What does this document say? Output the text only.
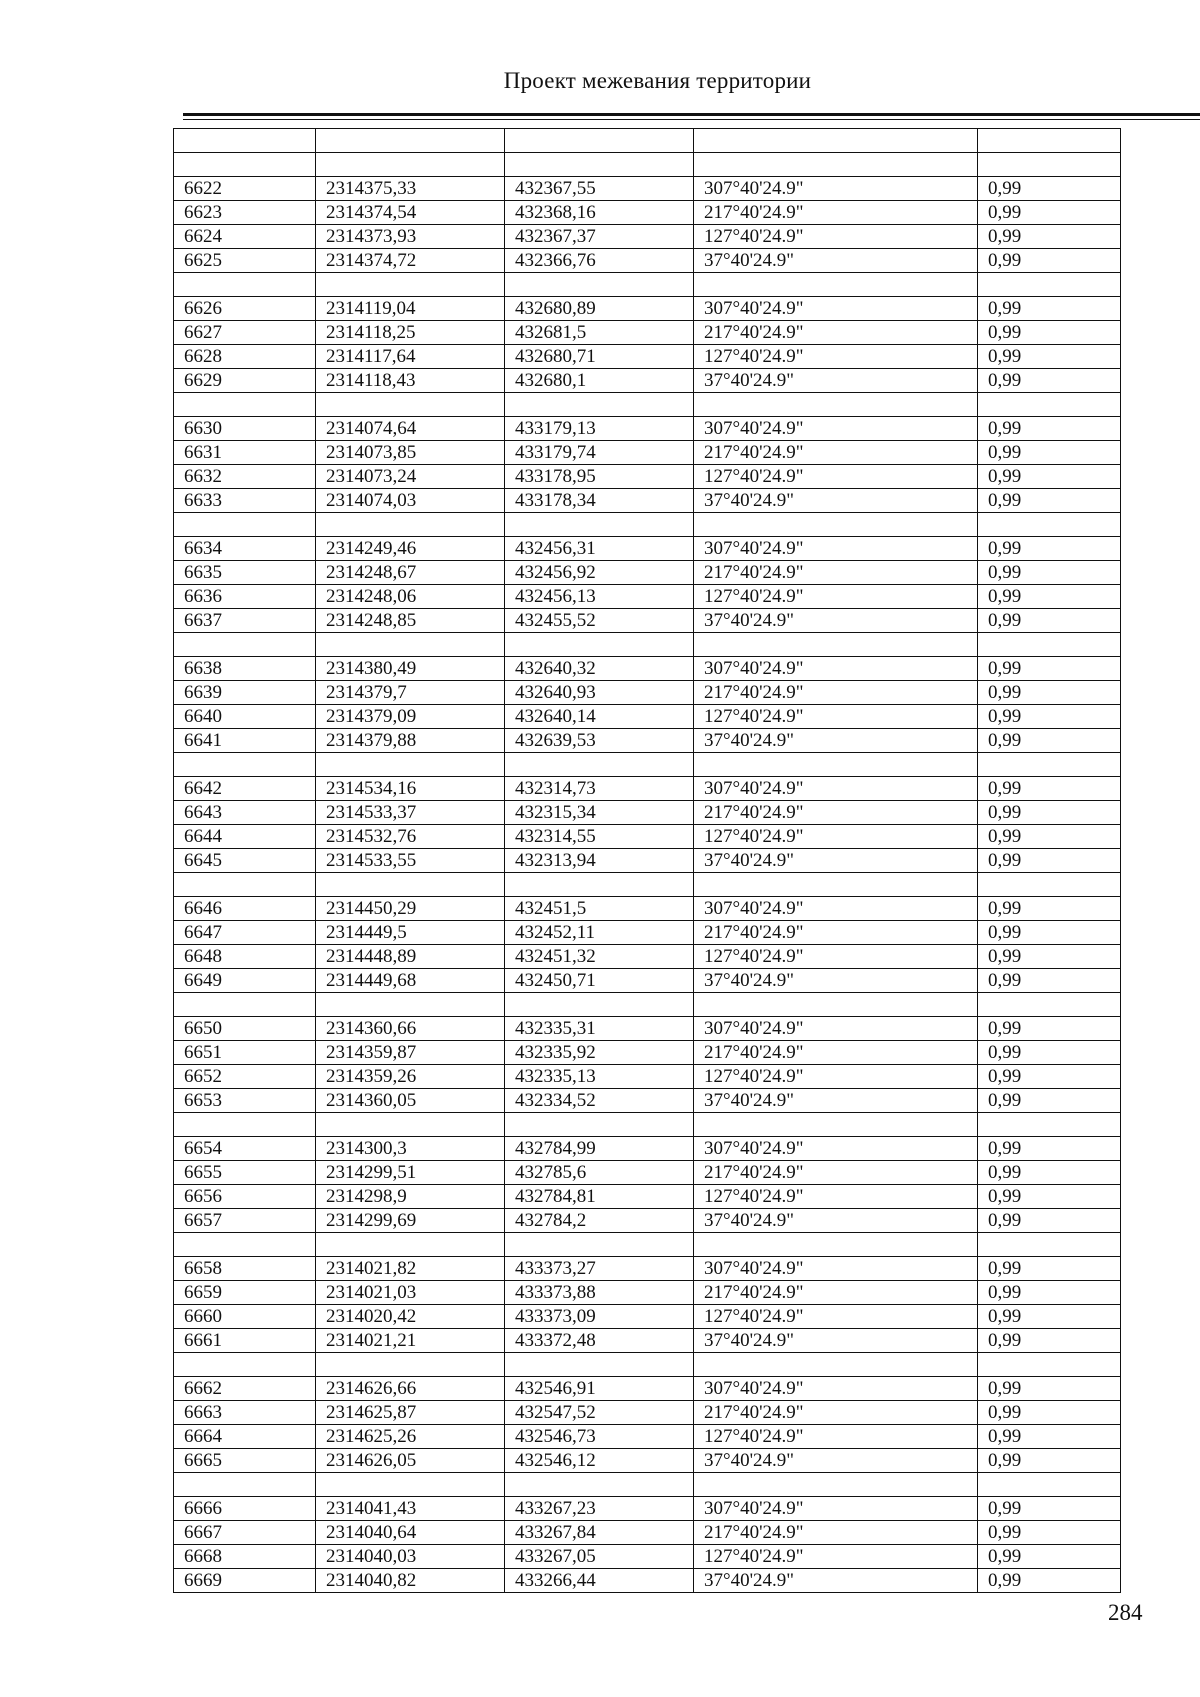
Проект межевания территории

6622	2314375,33	432367,55	307°40'24.9"	0,99
6623	2314374,54	432368,16	217°40'24.9"	0,99
6624	2314373,93	432367,37	127°40'24.9"	0,99
6625	2314374,72	432366,76	37°40'24.9"	0,99

6626	2314119,04	432680,89	307°40'24.9"	0,99
6627	2314118,25	432681,5	217°40'24.9"	0,99
6628	2314117,64	432680,71	127°40'24.9"	0,99
6629	2314118,43	432680,1	37°40'24.9"	0,99

6630	2314074,64	433179,13	307°40'24.9"	0,99
6631	2314073,85	433179,74	217°40'24.9"	0,99
6632	2314073,24	433178,95	127°40'24.9"	0,99
6633	2314074,03	433178,34	37°40'24.9"	0,99

6634	2314249,46	432456,31	307°40'24.9"	0,99
6635	2314248,67	432456,92	217°40'24.9"	0,99
6636	2314248,06	432456,13	127°40'24.9"	0,99
6637	2314248,85	432455,52	37°40'24.9"	0,99

6638	2314380,49	432640,32	307°40'24.9"	0,99
6639	2314379,7	432640,93	217°40'24.9"	0,99
6640	2314379,09	432640,14	127°40'24.9"	0,99
6641	2314379,88	432639,53	37°40'24.9"	0,99

6642	2314534,16	432314,73	307°40'24.9"	0,99
6643	2314533,37	432315,34	217°40'24.9"	0,99
6644	2314532,76	432314,55	127°40'24.9"	0,99
6645	2314533,55	432313,94	37°40'24.9"	0,99

6646	2314450,29	432451,5	307°40'24.9"	0,99
6647	2314449,5	432452,11	217°40'24.9"	0,99
6648	2314448,89	432451,32	127°40'24.9"	0,99
6649	2314449,68	432450,71	37°40'24.9"	0,99

6650	2314360,66	432335,31	307°40'24.9"	0,99
6651	2314359,87	432335,92	217°40'24.9"	0,99
6652	2314359,26	432335,13	127°40'24.9"	0,99
6653	2314360,05	432334,52	37°40'24.9"	0,99

6654	2314300,3	432784,99	307°40'24.9"	0,99
6655	2314299,51	432785,6	217°40'24.9"	0,99
6656	2314298,9	432784,81	127°40'24.9"	0,99
6657	2314299,69	432784,2	37°40'24.9"	0,99

6658	2314021,82	433373,27	307°40'24.9"	0,99
6659	2314021,03	433373,88	217°40'24.9"	0,99
6660	2314020,42	433373,09	127°40'24.9"	0,99
6661	2314021,21	433372,48	37°40'24.9"	0,99

6662	2314626,66	432546,91	307°40'24.9"	0,99
6663	2314625,87	432547,52	217°40'24.9"	0,99
6664	2314625,26	432546,73	127°40'24.9"	0,99
6665	2314626,05	432546,12	37°40'24.9"	0,99

6666	2314041,43	433267,23	307°40'24.9"	0,99
6667	2314040,64	433267,84	217°40'24.9"	0,99
6668	2314040,03	433267,05	127°40'24.9"	0,99
6669	2314040,82	433266,44	37°40'24.9"	0,99
284
